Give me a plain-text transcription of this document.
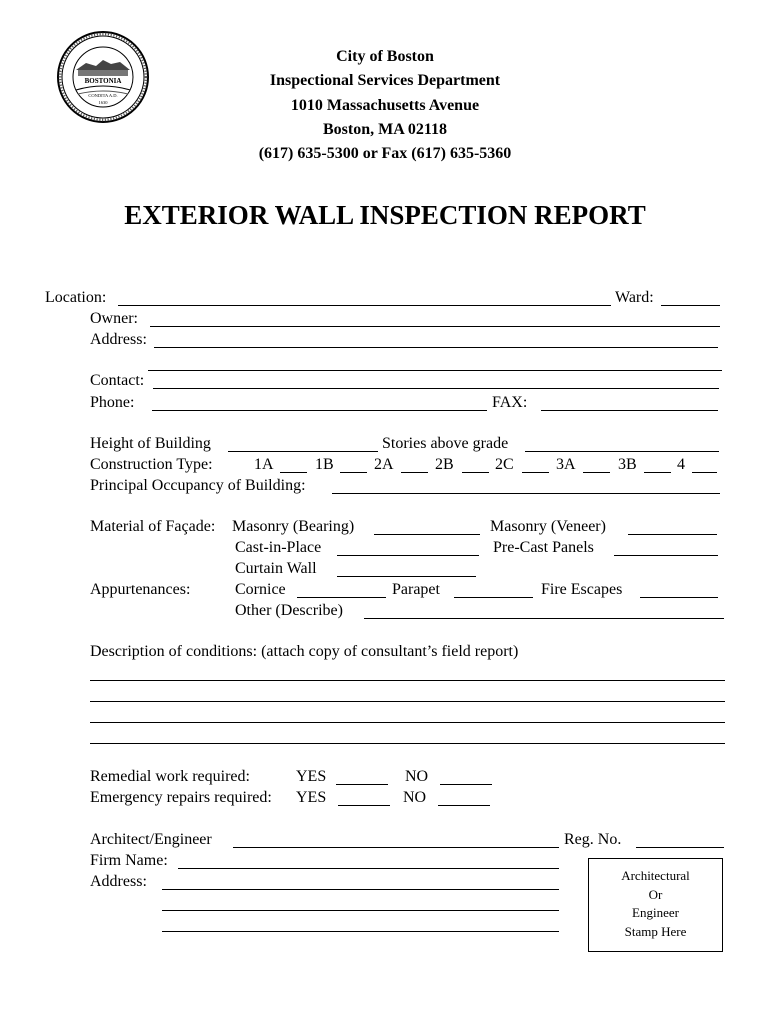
BOSTONIA
CONDITA A.D.
1630
City of Boston
Inspectional Services Department
1010 Massachusetts Avenue
Boston, MA 02118
(617) 635-5300 or Fax (617) 635-5360
EXTERIOR WALL INSPECTION REPORT
Location:	Ward:
Owner:
Address:
Contact:
Phone:	FAX:
Height of Building	Stories above grade
Construction Type:	1A	1B	2A	2B	2C	3A	3B	4
Principal Occupancy of Building:
Material of Façade: Masonry (Bearing)	Masonry (Veneer)
Cast-in-Place	Pre-Cast Panels
Curtain Wall
Appurtenances:	Cornice	Parapet	Fire Escapes
Other (Describe)
Description of conditions: (attach copy of consultant’s field report)
Remedial work required:	YES	NO
Emergency repairs required: YES	NO
Architect/Engineer	Reg. No.
Firm Name:
Address:	Architectural
Or
Engineer
Stamp Here
